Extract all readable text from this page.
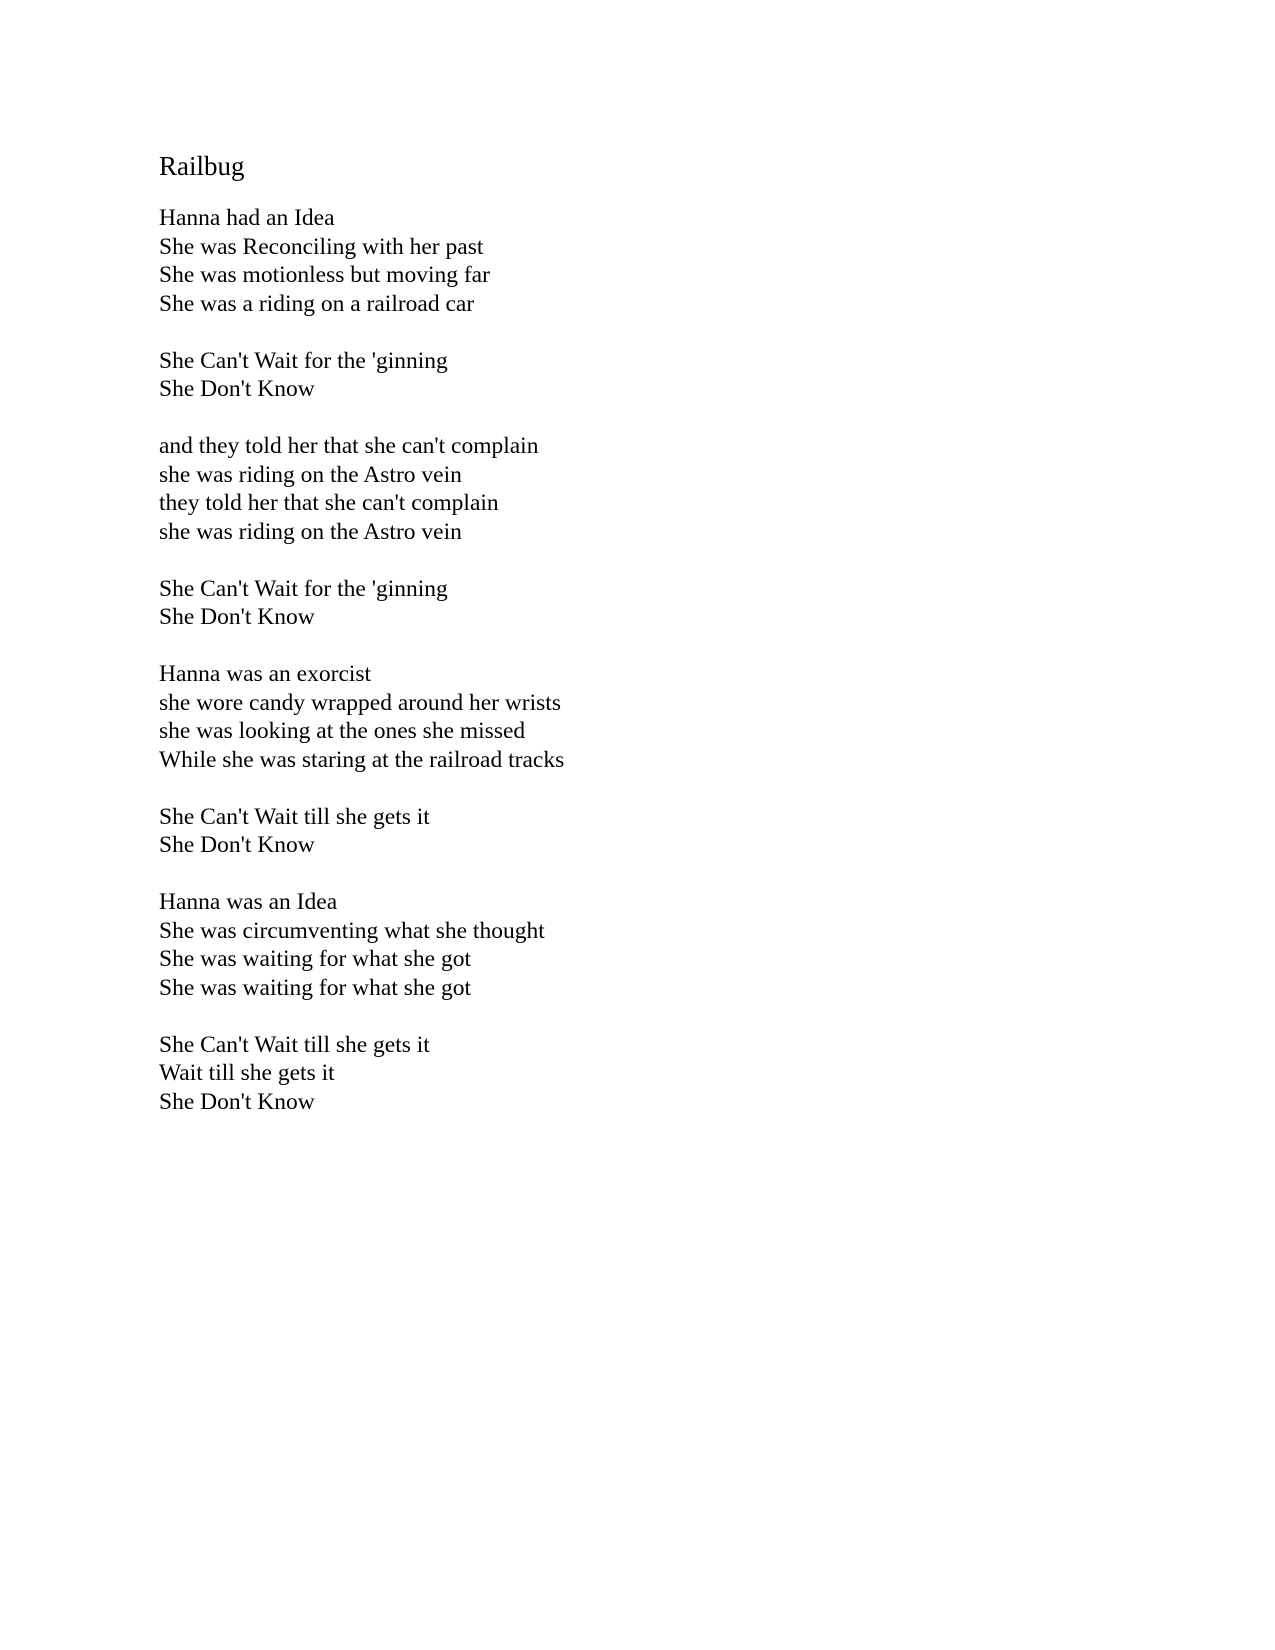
Railbug
Hanna had an Idea
She was Reconciling with her past
She was motionless but moving far
She was a riding on a railroad car
She Can't Wait for the 'ginning
She Don't Know
and they told her that she can't complain
she was riding on the Astro vein
they told her that she can't complain
she was riding on the Astro vein
She Can't Wait for the 'ginning
She Don't Know
Hanna was an exorcist
she wore candy wrapped around her wrists
she was looking at the ones she missed
While she was staring at the railroad tracks
She Can't Wait till she gets it
She Don't Know
Hanna was an Idea
She was circumventing what she thought
She was waiting for what she got
She was waiting for what she got
She Can't Wait till she gets it
Wait till she gets it
She Don't Know
